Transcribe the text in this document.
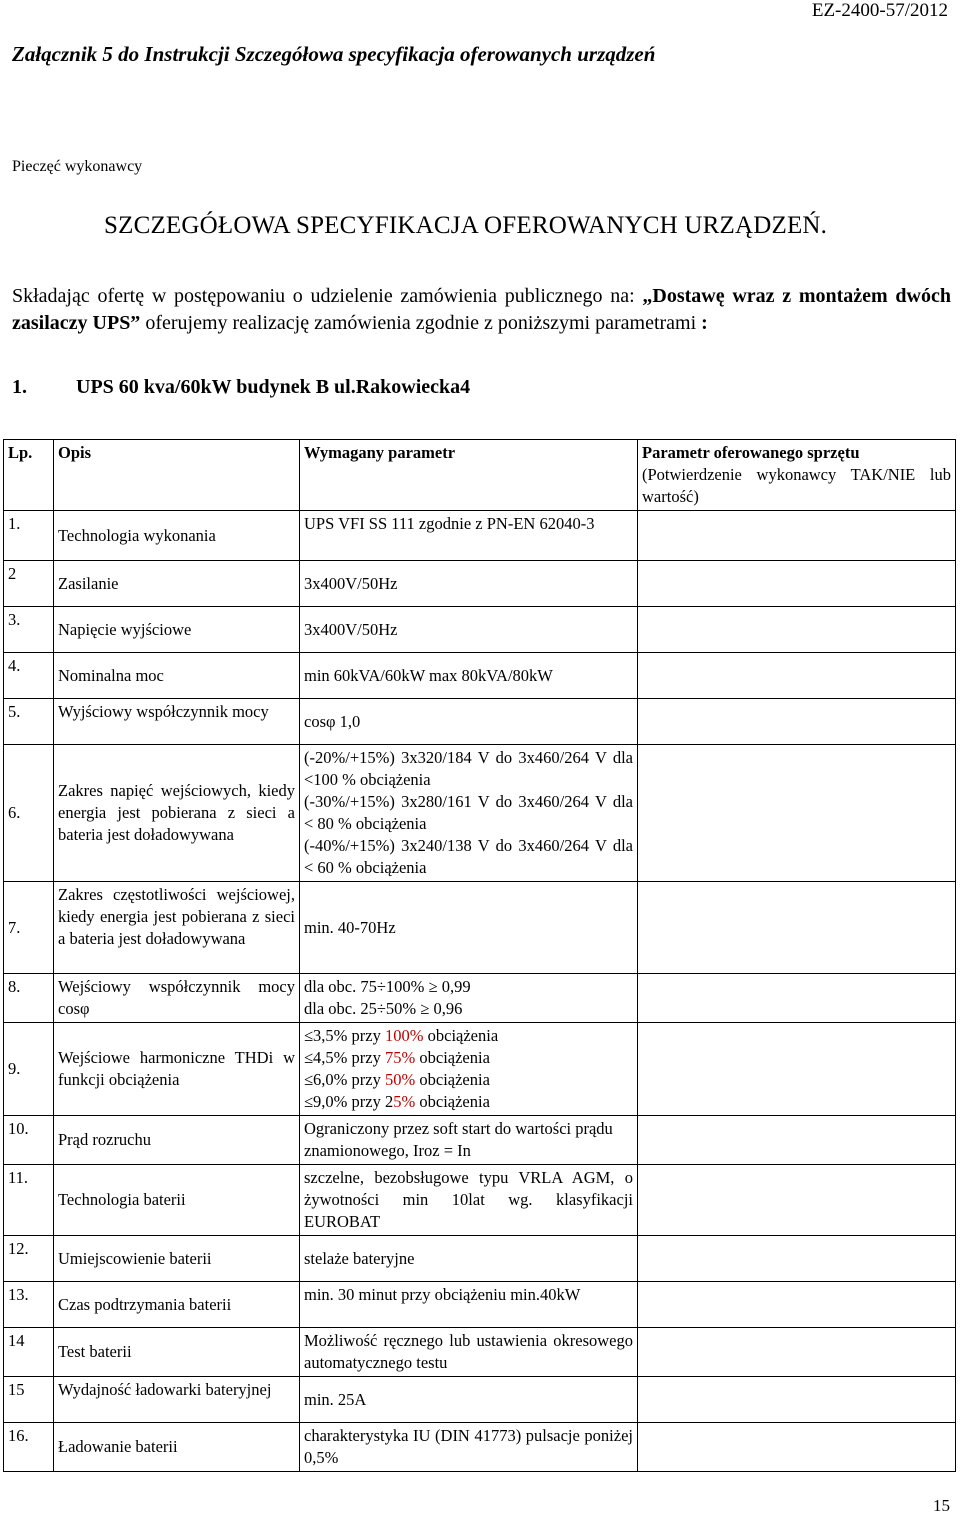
EZ-2400-57/2012
Załącznik 5 do Instrukcji Szczegółowa specyfikacja oferowanych urządzeń
Pieczęć wykonawcy
SZCZEGÓŁOWA SPECYFIKACJA OFEROWANYCH URZĄDZEŃ.
Składając ofertę w postępowaniu o udzielenie zamówienia publicznego na: „Dostawę wraz z montażem dwóch zasilaczy UPS” oferujemy realizację zamówienia zgodnie z poniższymi parametrami :
1. UPS 60 kva/60kW budynek B ul.Rakowiecka4
Lp.	Opis	Wymagany parametr	Parametr oferowanego sprzętu
(Potwierdzenie wykonawcy TAK/NIE lub wartość)
1.	Technologia wykonania	UPS VFI SS 111 zgodnie z PN-EN 62040-3	
2	Zasilanie	3x400V/50Hz	
3.	Napięcie wyjściowe	3x400V/50Hz	
4.	Nominalna moc	min 60kVA/60kW max 80kVA/80kW	
5.	Wyjściowy współczynnik mocy	cosφ 1,0	
6.	Zakres napięć wejściowych, kiedy energia jest pobierana z sieci a bateria jest doładowywana	(-20%/+15%) 3x320/184 V do 3x460/264 V dla <100 % obciążenia
(-30%/+15%) 3x280/161 V do 3x460/264 V dla < 80 % obciążenia
(-40%/+15%) 3x240/138 V do 3x460/264 V dla < 60 % obciążenia	

7.	Zakres częstotliwości wejściowej, kiedy energia jest pobierana z sieci a bateria jest doładowywana	min. 40-70Hz	
8.	Wejściowy współczynnik mocy cosφ	dla obc. 75÷100% ≥ 0,99
dla obc. 25÷50% ≥ 0,96	

9.	Wejściowe harmoniczne THDi w funkcji obciążenia	≤3,5% przy 100% obciążenia
≤4,5% przy 75% obciążenia
≤6,0% przy 50% obciążenia
≤9,0% przy 25% obciążenia	

10.	Prąd rozruchu	Ograniczony przez soft start do wartości prądu znamionowego, Iroz = In	
11.	Technologia baterii	szczelne, bezobsługowe typu VRLA AGM, o żywotności min 10lat wg. klasyfikacji EUROBAT	
12.	Umiejscowienie baterii	stelaże bateryjne	
13.	Czas podtrzymania baterii	min. 30 minut przy obciążeniu min.40kW	
14	Test baterii	Możliwość ręcznego lub ustawienia okresowego automatycznego testu	
15	Wydajność ładowarki bateryjnej	min. 25A	
16.	Ładowanie baterii	charakterystyka IU (DIN 41773) pulsacje poniżej 0,5%	
15
